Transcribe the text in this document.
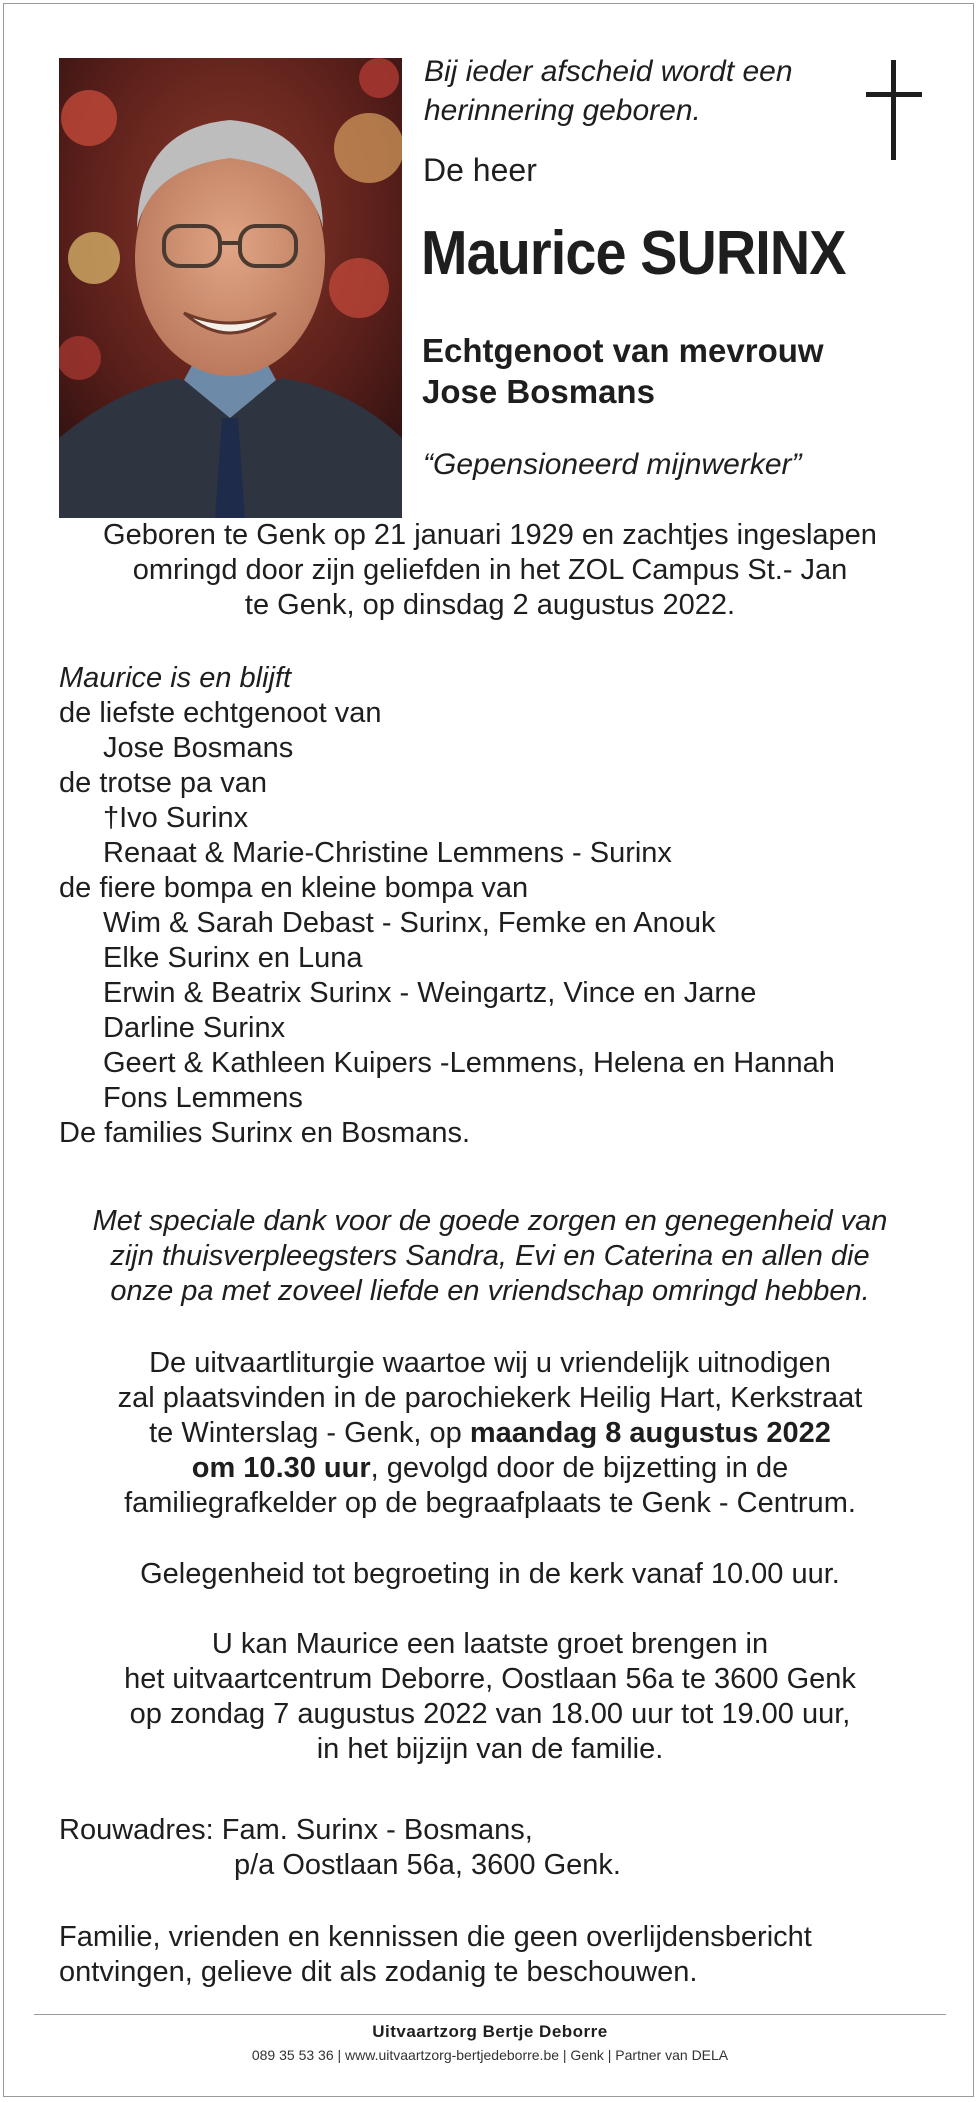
Bij ieder afscheid wordt een
herinnering geboren.
De heer
Maurice SURINX
Echtgenoot van mevrouw
Jose Bosmans
“Gepensioneerd mijnwerker”
Geboren te Genk op 21 januari 1929 en zachtjes ingeslapen
omringd door zijn geliefden in het ZOL Campus St.- Jan
te Genk, op dinsdag 2 augustus 2022.
Maurice is en blijft
de liefste echtgenoot van
Jose Bosmans
de trotse pa van
†Ivo Surinx
Renaat & Marie-Christine Lemmens - Surinx
de fiere bompa en kleine bompa van
Wim & Sarah Debast - Surinx, Femke en Anouk
Elke Surinx en Luna
Erwin & Beatrix Surinx - Weingartz, Vince en Jarne
Darline Surinx
Geert & Kathleen Kuipers -Lemmens, Helena en Hannah
Fons Lemmens
De families Surinx en Bosmans.
Met speciale dank voor de goede zorgen en genegenheid van
zijn thuisverpleegsters Sandra, Evi en Caterina en allen die
onze pa met zoveel liefde en vriendschap omringd hebben.
De uitvaartliturgie waartoe wij u vriendelijk uitnodigen
zal plaatsvinden in de parochiekerk Heilig Hart, Kerkstraat
te Winterslag - Genk, op maandag 8 augustus 2022
om 10.30 uur, gevolgd door de bijzetting in de
familiegrafkelder op de begraafplaats te Genk - Centrum.
Gelegenheid tot begroeting in de kerk vanaf 10.00 uur.
U kan Maurice een laatste groet brengen in
het uitvaartcentrum Deborre, Oostlaan 56a te 3600 Genk
op zondag 7 augustus 2022 van 18.00 uur tot 19.00 uur,
in het bijzijn van de familie.
Rouwadres: Fam. Surinx - Bosmans,
p/a Oostlaan 56a, 3600 Genk.
Familie, vrienden en kennissen die geen overlijdensbericht
ontvingen, gelieve dit als zodanig te beschouwen.
Uitvaartzorg Bertje Deborre
089 35 53 36 | www.uitvaartzorg-bertjedeborre.be | Genk | Partner van DELA
